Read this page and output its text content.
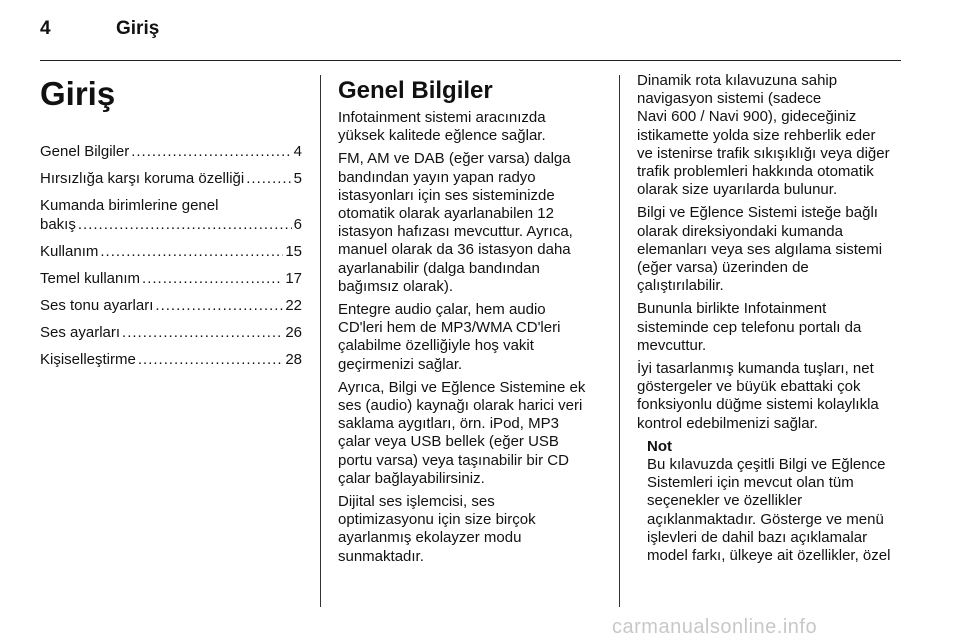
4	Giriş
Giriş
Genel Bilgiler .....	4
Hırsızlığa karşı koruma özelliği .....	5
Kumanda birimlerine genel
bakış .....	6
Kullanım .....	15
Temel kullanım .....	17
Ses tonu ayarları .....	22
Ses ayarları .....	26
Kişiselleştirme .....	28
Genel Bilgiler

Infotainment sistemi aracınızda
yüksek kalitede eğlence sağlar.

FM, AM ve DAB (eğer varsa) dalga
bandından yayın yapan radyo
istasyonları için ses sisteminizde
otomatik olarak ayarlanabilen 12
istasyon hafızası mevcuttur. Ayrıca,
manuel olarak da 36 istasyon daha
ayarlanabilir (dalga bandından
bağımsız olarak).

Entegre audio çalar, hem audio
CD'leri hem de MP3/WMA CD'leri
çalabilme özelliğiyle hoş vakit
geçirmenizi sağlar.

Ayrıca, Bilgi ve Eğlence Sistemine ek
ses (audio) kaynağı olarak harici veri
saklama aygıtları, örn. iPod, MP3
çalar veya USB bellek (eğer USB
portu varsa) veya taşınabilir bir CD
çalar bağlayabilirsiniz.

Dijital ses işlemcisi, ses
optimizasyonu için size birçok
ayarlanmış ekolayzer modu
sunmaktadır.

Dinamik rota kılavuzuna sahip
navigasyon sistemi (sadece
Navi 600 / Navi 900), gideceğiniz
istikamette yolda size rehberlik eder
ve istenirse trafik sıkışıklığı veya diğer
trafik problemleri hakkında otomatik
olarak size uyarılarda bulunur.

Bilgi ve Eğlence Sistemi isteğe bağlı
olarak direksiyondaki kumanda
elemanları veya ses algılama sistemi
(eğer varsa) üzerinden de
çalıştırılabilir.

Bununla birlikte Infotainment
sisteminde cep telefonu portalı da
mevcuttur.

İyi tasarlanmış kumanda tuşları, net
göstergeler ve büyük ebattaki çok
fonksiyonlu düğme sistemi kolaylıkla
kontrol edebilmenizi sağlar.

Not
Bu kılavuzda çeşitli Bilgi ve Eğlence
Sistemleri için mevcut olan tüm
seçenekler ve özellikler
açıklanmaktadır. Gösterge ve menü
işlevleri de dahil bazı açıklamalar
model farkı, ülkeye ait özellikler, özel
carmanualsonline.info
